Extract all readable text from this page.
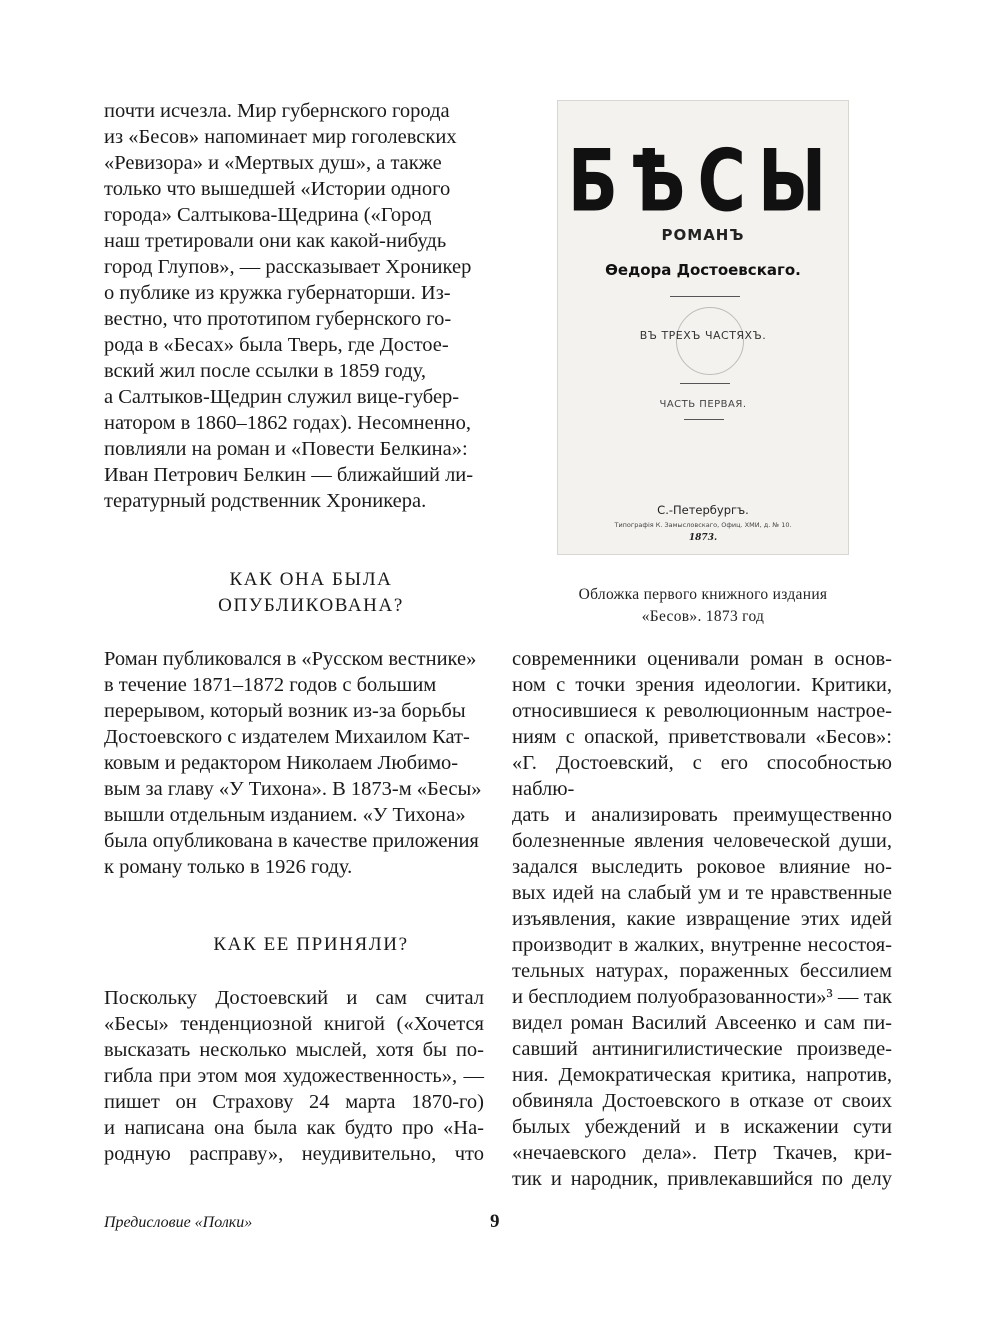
почти исчезла. Мир губернского города
из «Бесов» напоминает мир гоголевских
«Ревизора» и «Мертвых душ», а также
только что вышедшей «Истории одного
города» Салтыкова-Щедрина («Город
наш третировали они как какой-нибудь
город Глупов», — рассказывает Хроникер
о публике из кружка губернаторши. Из-
вестно, что прототипом губернского го-
рода в «Бесах» была Тверь, где Достое-
вский жил после ссылки в 1859 году,
а Салтыков-Щедрин служил вице-губер-
натором в 1860–1862 годах). Несомненно,
повлияли на роман и «Повести Белкина»:
Иван Петрович Белкин — ближайший ли-
тературный родственник Хроникера.
КАК ОНА БЫЛА
ОПУБЛИКОВАНА?
Роман публиковался в «Русском вестнике»
в течение 1871–1872 годов с большим
перерывом, который возник из-за борьбы
Достоевского с издателем Михаилом Кат-
ковым и редактором Николаем Любимо-
вым за главу «У Тихона». В 1873-м «Бесы»
вышли отдельным изданием. «У Тихона»
была опубликована в качестве приложения
к роману только в 1926 году.
КАК ЕЕ ПРИНЯЛИ?
Поскольку Достоевский и сам считал
«Бесы» тенденциозной книгой («Хочется
высказать несколько мыслей, хотя бы по-
гибла при этом моя художественность», —
пишет он Страхову 24 марта 1870-го)
и написана она была как будто про «На-
родную расправу», неудивительно, что
БѢСЫ
РОМАНЪ
Ѳедора Достоевскаго.
ВЪ ТРЕХЪ ЧАСТЯХЪ.
ЧАСТЬ ПЕРВАЯ.
С.-Петербургъ.
Типографія К. Замысловскаго, Офиц. ХМИ, д. № 10.
1873.
Обложка первого книжного издания
«Бесов». 1873 год
современники оценивали роман в основ-
ном с точки зрения идеологии. Критики,
относившиеся к революционным настрое-
ниям с опаской, приветствовали «Бесов»:
«Г. Достоевский, с его способностью наблю-
дать и анализировать преимущественно
болезненные явления человеческой души,
задался выследить роковое влияние но-
вых идей на слабый ум и те нравственные
изъявления, какие извращение этих идей
производит в жалких, внутренне несостоя-
тельных натурах, пораженных бессилием
и бесплодием полуобразованности»³ — так
видел роман Василий Авсеенко и сам пи-
савший антинигилистические произведе-
ния. Демократическая критика, напротив,
обвиняла Достоевского в отказе от своих
былых убеждений и в искажении сути
«нечаевского дела». Петр Ткачев, кри-
тик и народник, привлекавшийся по делу
Предисловие «Полки»	9
